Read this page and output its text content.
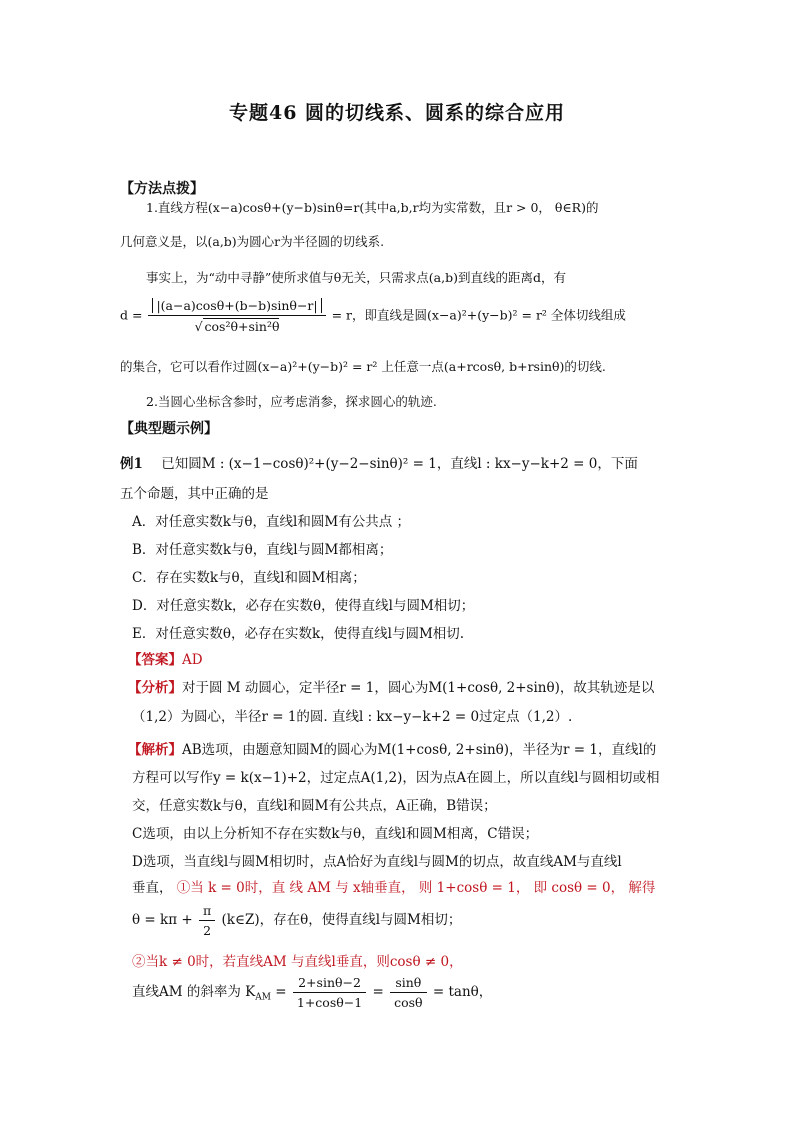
专题46 圆的切线系、圆系的综合应用
【方法点拨】
1.直线方程(x−a)cosθ+(y−b)sinθ=r(其中a,b,r均为实常数，且r > 0， θ∈R)的
几何意义是，以(a,b)为圆心r为半径圆的切线系.
事实上，为“动中寻静”使所求值与θ无关，只需求点(a,b)到直线的距离d，有
$d = \frac{|(a-a)\cos\theta+(b-b)\sin\theta-r|}{\text{√ cos²θ+sin²θ}} = r$，即直线是圆(x−a)²+(y−b)² = r² 全体切线组成
的集合，它可以看作过圆(x−a)²+(y−b)² = r² 上任意一点(a+rcosθ, b+rsinθ)的切线.
2.当圆心坐标含参时，应考虑消参，探求圆心的轨迹.
【典型题示例】
例1 已知圆M : (x−1−cosθ)²+(y−2−sinθ)² = 1，直线l : kx−y−k+2 = 0，下面
五个命题，其中正确的是
A．对任意实数k与θ，直线l和圆M有公共点 ；
B．对任意实数k与θ，直线l与圆M都相离；
C．存在实数k与θ，直线l和圆M相离；
D．对任意实数k，必存在实数θ，使得直线l与圆M相切；
E．对任意实数θ，必存在实数k，使得直线l与圆M相切.
【答案】AD
【分析】对于圆 M 动圆心，定半径r = 1，圆心为M(1+cosθ, 2+sinθ)，故其轨迹是以
（1,2）为圆心，半径r = 1的圆. 直线l : kx−y−k+2 = 0过定点（1,2）.
【解析】AB选项，由题意知圆M的圆心为M(1+cosθ, 2+sinθ)，半径为r = 1，直线l的
方程可以写作y = k(x−1)+2，过定点A(1,2)，因为点A在圆上，所以直线l与圆相切或相
交，任意实数k与θ，直线l和圆M有公共点，A正确，B错误；
C选项，由以上分析知不存在实数k与θ，直线l和圆M相离，C错误；
D选项，当直线l与圆M相切时，点A恰好为直线l与圆M的切点，故直线AM与直线l
垂直， ①当 k = 0时，直 线 AM 与 x轴垂直， 则 1+cosθ = 1， 即 cosθ = 0， 解得
$\theta = k\pi + \frac{\pi}{2}$ (k∈Z)，存在θ，使得直线l与圆M相切；
②当k ≠ 0时，若直线AM 与直线l垂直，则cosθ ≠ 0，
直线AM 的斜率为 $K_{AM} = \frac{2+\sin\theta-2}{1+\cos\theta-1} = \frac{\sin\theta}{\cos\theta} = \tan\theta$，
